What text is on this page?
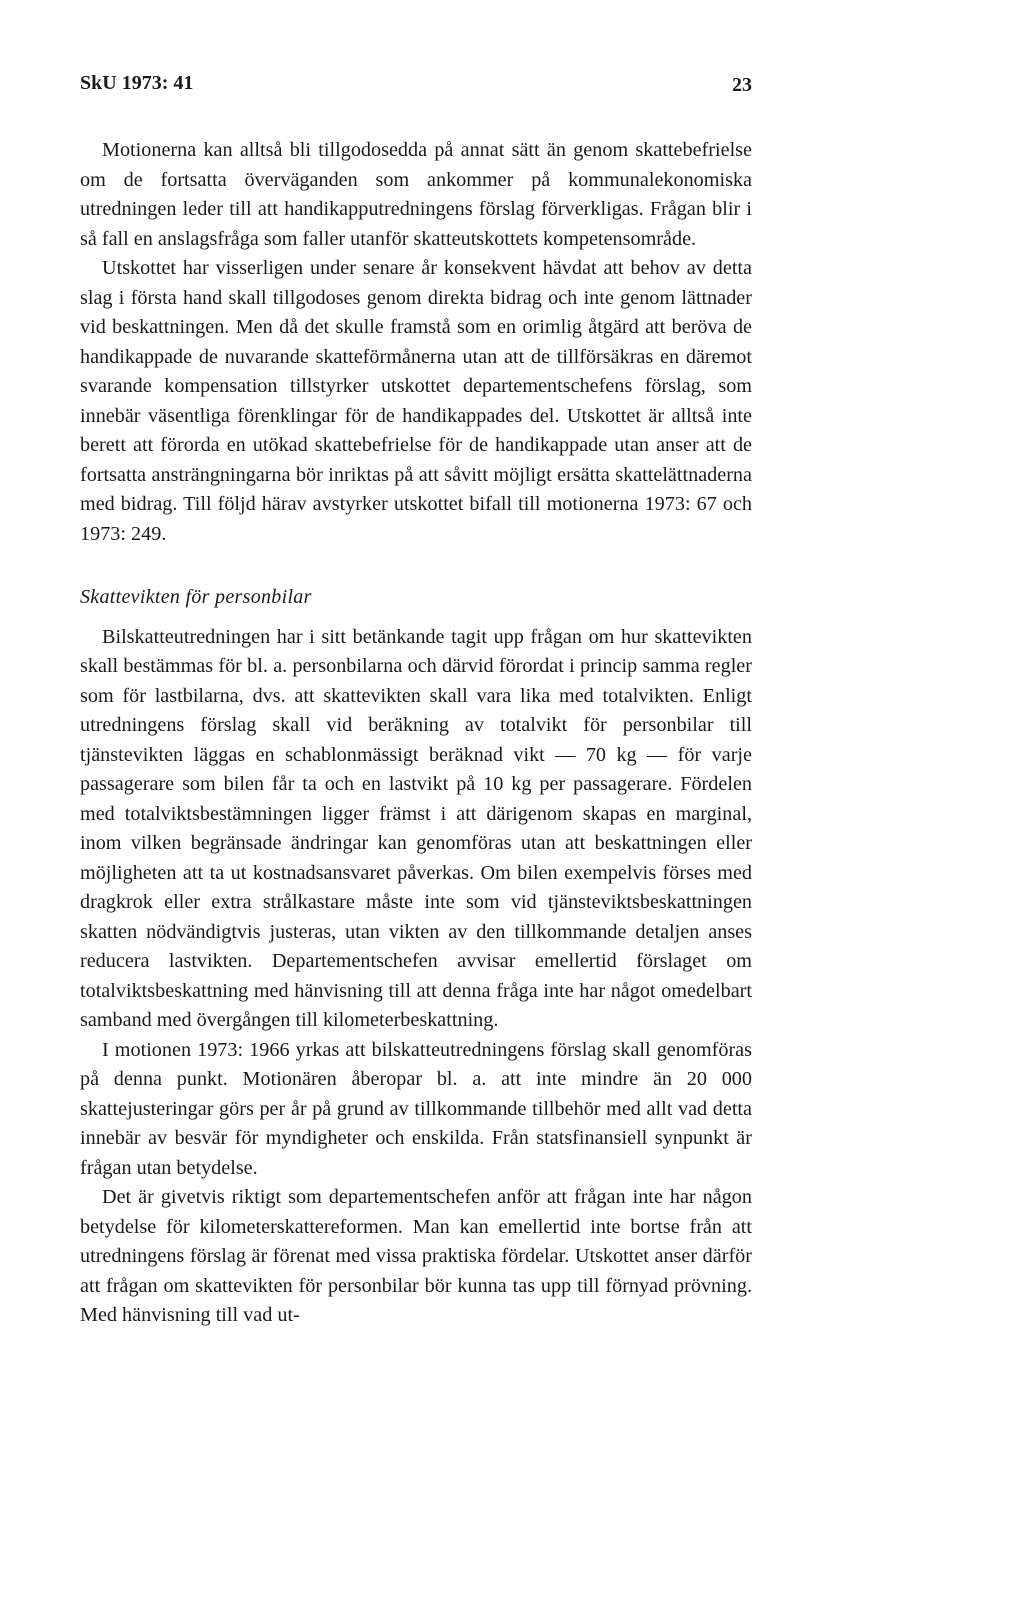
SkU 1973: 41	23

Motionerna kan alltså bli tillgodosedda på annat sätt än genom skattebefrielse om de fortsatta överväganden som ankommer på kommunalekonomiska utredningen leder till att handikapputredningens förslag förverkligas. Frågan blir i så fall en anslagsfråga som faller utanför skatteutskottets kompetensområde.

Utskottet har visserligen under senare år konsekvent hävdat att behov av detta slag i första hand skall tillgodoses genom direkta bidrag och inte genom lättnader vid beskattningen. Men då det skulle framstå som en orimlig åtgärd att beröva de handikappade de nuvarande skatteförmånerna utan att de tillförsäkras en däremot svarande kompensation tillstyrker utskottet departementschefens förslag, som innebär väsentliga förenklingar för de handikappades del. Utskottet är alltså inte berett att förorda en utökad skattebefrielse för de handikappade utan anser att de fortsatta ansträngningarna bör inriktas på att såvitt möjligt ersätta skattelättnaderna med bidrag. Till följd härav avstyrker utskottet bifall till motionerna 1973: 67 och 1973: 249.

Skattevikten för personbilar

Bilskatteutredningen har i sitt betänkande tagit upp frågan om hur skattevikten skall bestämmas för bl. a. personbilarna och därvid förordat i princip samma regler som för lastbilarna, dvs. att skattevikten skall vara lika med totalvikten. Enligt utredningens förslag skall vid beräkning av totalvikt för personbilar till tjänstevikten läggas en schablonmässigt beräknad vikt — 70 kg — för varje passagerare som bilen får ta och en lastvikt på 10 kg per passagerare. Fördelen med totalviktsbestämningen ligger främst i att därigenom skapas en marginal, inom vilken begränsade ändringar kan genomföras utan att beskattningen eller möjligheten att ta ut kostnadsansvaret påverkas. Om bilen exempelvis förses med dragkrok eller extra strålkastare måste inte som vid tjänsteviktsbeskattningen skatten nödvändigtvis justeras, utan vikten av den tillkommande detaljen anses reducera lastvikten. Departementschefen avvisar emellertid förslaget om totalviktsbeskattning med hänvisning till att denna fråga inte har något omedelbart samband med övergången till kilometerbeskattning.

I motionen 1973: 1966 yrkas att bilskatteutredningens förslag skall genomföras på denna punkt. Motionären åberopar bl. a. att inte mindre än 20 000 skattejusteringar görs per år på grund av tillkommande tillbehör med allt vad detta innebär av besvär för myndigheter och enskilda. Från statsfinansiell synpunkt är frågan utan betydelse.

Det är givetvis riktigt som departementschefen anför att frågan inte har någon betydelse för kilometerskattereformen. Man kan emellertid inte bortse från att utredningens förslag är förenat med vissa praktiska fördelar. Utskottet anser därför att frågan om skattevikten för personbilar bör kunna tas upp till förnyad prövning. Med hänvisning till vad ut-
